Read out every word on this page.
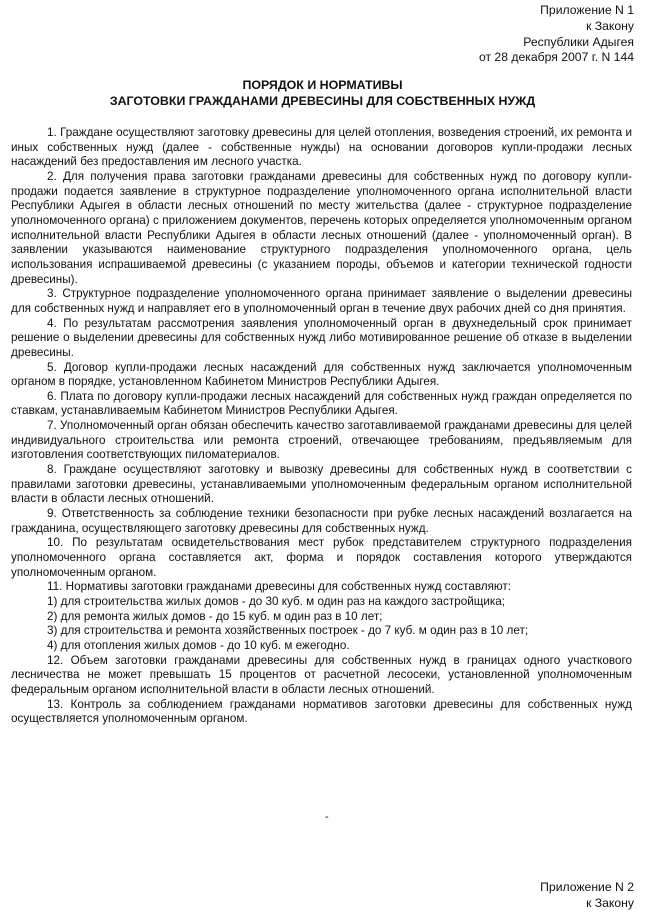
Приложение N 1
к Закону
Республики Адыгея
от 28 декабря 2007 г. N 144
ПОРЯДОК И НОРМАТИВЫ
ЗАГОТОВКИ ГРАЖДАНАМИ ДРЕВЕСИНЫ ДЛЯ СОБСТВЕННЫХ НУЖД

1. Граждане осуществляют заготовку древесины для целей отопления, возведения строений, их ремонта и иных собственных нужд (далее - собственные нужды) на основании договоров купли-продажи лесных насаждений без предоставления им лесного участка.

2. Для получения права заготовки гражданами древесины для собственных нужд по договору купли-продажи подается заявление в структурное подразделение уполномоченного органа исполнительной власти Республики Адыгея в области лесных отношений по месту жительства (далее - структурное подразделение уполномоченного органа) с приложением документов, перечень которых определяется уполномоченным органом исполнительной власти Республики Адыгея в области лесных отношений (далее - уполномоченный орган). В заявлении указываются наименование структурного подразделения уполномоченного органа, цель использования испрашиваемой древесины (с указанием породы, объемов и категории технической годности древесины).

3. Структурное подразделение уполномоченного органа принимает заявление о выделении древесины для собственных нужд и направляет его в уполномоченный орган в течение двух рабочих дней со дня принятия.

4. По результатам рассмотрения заявления уполномоченный орган в двухнедельный срок принимает решение о выделении древесины для собственных нужд либо мотивированное решение об отказе в выделении древесины.

5. Договор купли-продажи лесных насаждений для собственных нужд заключается уполномоченным органом в порядке, установленном Кабинетом Министров Республики Адыгея.

6. Плата по договору купли-продажи лесных насаждений для собственных нужд граждан определяется по ставкам, устанавливаемым Кабинетом Министров Республики Адыгея.

7. Уполномоченный орган обязан обеспечить качество заготавливаемой гражданами древесины для целей индивидуального строительства или ремонта строений, отвечающее требованиям, предъявляемым для изготовления соответствующих пиломатериалов.

8. Граждане осуществляют заготовку и вывозку древесины для собственных нужд в соответствии с правилами заготовки древесины, устанавливаемыми уполномоченным федеральным органом исполнительной власти в области лесных отношений.

9. Ответственность за соблюдение техники безопасности при рубке лесных насаждений возлагается на гражданина, осуществляющего заготовку древесины для собственных нужд.

10. По результатам освидетельствования мест рубок представителем структурного подразделения уполномоченного органа составляется акт, форма и порядок составления которого утверждаются уполномоченным органом.

11. Нормативы заготовки гражданами древесины для собственных нужд составляют:

1) для строительства жилых домов - до 30 куб. м один раз на каждого застройщика;

2) для ремонта жилых домов - до 15 куб. м один раз в 10 лет;

3) для строительства и ремонта хозяйственных построек - до 7 куб. м один раз в 10 лет;

4) для отопления жилых домов - до 10 куб. м ежегодно.

12. Объем заготовки гражданами древесины для собственных нужд в границах одного участкового лесничества не может превышать 15 процентов от расчетной лесосеки, установленной уполномоченным федеральным органом исполнительной власти в области лесных отношений.

13. Контроль за соблюдением гражданами нормативов заготовки древесины для собственных нужд осуществляется уполномоченным органом.

-
Приложение N 2
к Закону
